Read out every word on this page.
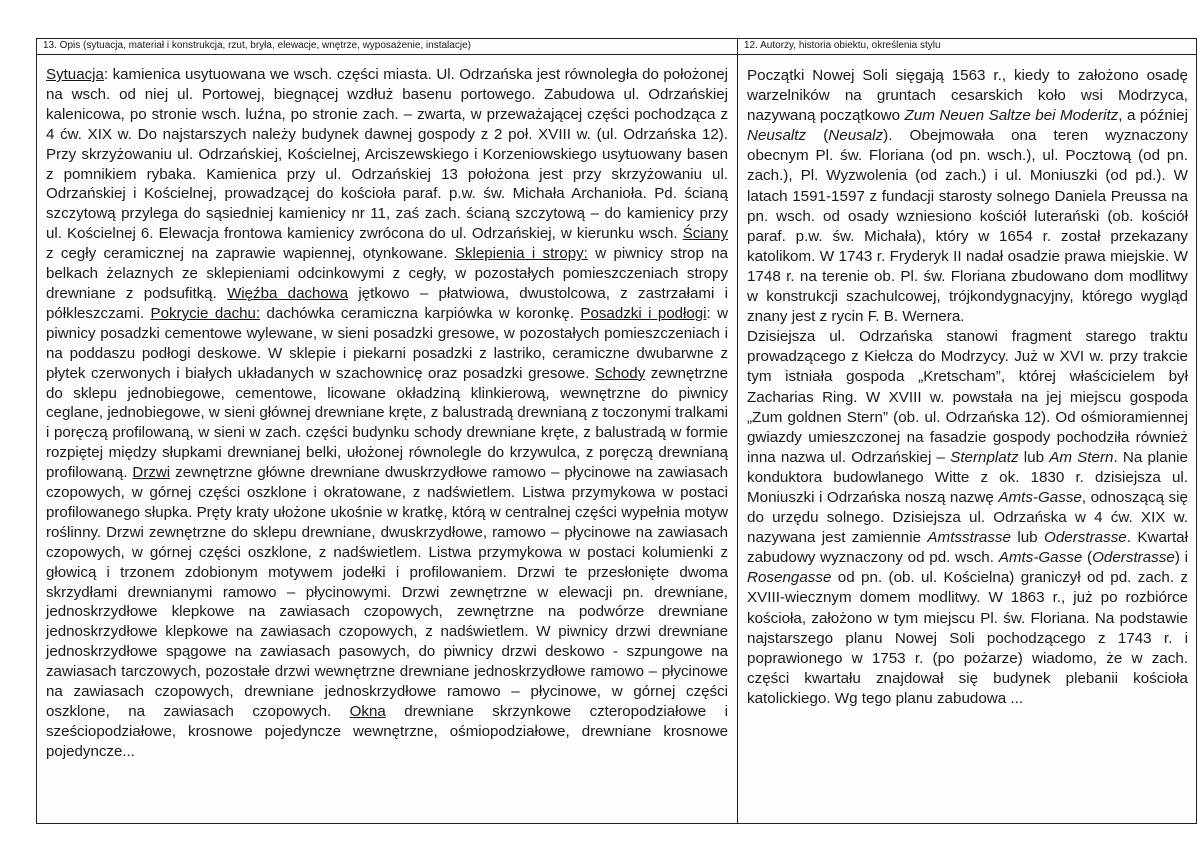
13. Opis (sytuacja, materiał i konstrukcja, rzut, bryła, elewacje, wnętrze, wyposażenie, instalacje)

Sytuacja: kamienica usytuowana we wsch. części miasta. Ul. Odrzańska jest równoległa do położonej na wsch. od niej ul. Portowej, biegnącej wzdłuż basenu portowego. Zabudowa ul. Odrzańskiej kalenicowa, po stronie wsch. luźna, po stronie zach. – zwarta, w przeważającej części pochodząca z 4 ćw. XIX w. Do najstarszych należy budynek dawnej gospody z 2 poł. XVIII w. (ul. Odrzańska 12). Przy skrzyżowaniu ul. Odrzańskiej, Kościelnej, Arciszewskiego i Korzeniowskiego usytuowany basen z pomnikiem rybaka. Kamienica przy ul. Odrzańskiej 13 położona jest przy skrzyżowaniu ul. Odrzańskiej i Kościelnej, prowadzącej do kościoła paraf. p.w. św. Michała Archanioła. Pd. ścianą szczytową przylega do sąsiedniej kamienicy nr 11, zaś zach. ścianą szczytową – do kamienicy przy ul. Kościelnej 6. Elewacja frontowa kamienicy zwrócona do ul. Odrzańskiej, w kierunku wsch. Ściany z cegły ceramicznej na zaprawie wapiennej, otynkowane. Sklepienia i stropy: w piwnicy strop na belkach żelaznych ze sklepieniami odcinkowymi z cegły, w pozostałych pomieszczeniach stropy drewniane z podsufitką. Więźba dachowa jętkowo – płatwiowa, dwustolcowa, z zastrzałami i półkleszczami. Pokrycie dachu: dachówka ceramiczna karpiówka w koronkę. Posadzki i podłogi: w piwnicy posadzki cementowe wylewane, w sieni posadzki gresowe, w pozostałych pomieszczeniach i na poddaszu podłogi deskowe. W sklepie i piekarni posadzki z lastriko, ceramiczne dwubarwne z płytek czerwonych i białych układanych w szachownicę oraz posadzki gresowe. Schody zewnętrzne do sklepu jednobiegowe, cementowe, licowane okładziną klinkierową, wewnętrzne do piwnicy ceglane, jednobiegowe, w sieni głównej drewniane kręte, z balustradą drewnianą z toczonymi tralkami i poręczą profilowaną, w sieni w zach. części budynku schody drewniane kręte, z balustradą w formie rozpiętej między słupkami drewnianej belki, ułożonej równolegle do krzywulca, z poręczą drewnianą profilowaną. Drzwi zewnętrzne główne drewniane dwuskrzydłowe ramowo – płycinowe na zawiasach czopowych, w górnej części oszklone i okratowane, z nadświetlem. Listwa przymykowa w postaci profilowanego słupka. Pręty kraty ułożone ukośnie w kratkę, którą w centralnej części wypełnia motyw roślinny. Drzwi zewnętrzne do sklepu drewniane, dwuskrzydłowe, ramowo – płycinowe na zawiasach czopowych, w górnej części oszklone, z nadświetlem. Listwa przymykowa w postaci kolumienki z głowicą i trzonem zdobionym motywem jodełki i profilowaniem. Drzwi te przesłonięte dwoma skrzydłami drewnianymi ramowo – płycinowymi. Drzwi zewnętrzne w elewacji pn. drewniane, jednoskrzydłowe klepkowe na zawiasach czopowych, zewnętrzne na podwórze drewniane jednoskrzydłowe klepkowe na zawiasach czopowych, z nadświetlem. W piwnicy drzwi drewniane jednoskrzydłowe spągowe na zawiasach pasowych, do piwnicy drzwi deskowo - szpungowe na zawiasach tarczowych, pozostałe drzwi wewnętrzne drewniane jednoskrzydłowe ramowo – płycinowe na zawiasach czopowych, drewniane jednoskrzydłowe ramowo – płycinowe, w górnej części oszklone, na zawiasach czopowych. Okna drewniane skrzynkowe czteropodziałowe i sześciopodziałowe, krosnowe pojedyncze wewnętrzne, ośmiopodziałowe, drewniane krosnowe pojedyncze...

12. Autorzy, historia obiektu, określenia stylu

Początki Nowej Soli sięgają 1563 r., kiedy to założono osadę warzelników na gruntach cesarskich koło wsi Modrzyca, nazywaną początkowo Zum Neuen Saltze bei Moderitz, a później Neusaltz (Neusalz). Obejmowała ona teren wyznaczony obecnym Pl. św. Floriana (od pn. wsch.), ul. Pocztową (od pn. zach.), Pl. Wyzwolenia (od zach.) i ul. Moniuszki (od pd.). W latach 1591-1597 z fundacji starosty solnego Daniela Preussa na pn. wsch. od osady wzniesiono kościół luterański (ob. kościół paraf. p.w. św. Michała), który w 1654 r. został przekazany katolikom. W 1743 r. Fryderyk II nadał osadzie prawa miejskie. W 1748 r. na terenie ob. Pl. św. Floriana zbudowano dom modlitwy w konstrukcji szachulcowej, trójkondygnacyjny, którego wygląd znany jest z rycin F. B. Wernera.

Dzisiejsza ul. Odrzańska stanowi fragment starego traktu prowadzącego z Kiełcza do Modrzycy. Już w XVI w. przy trakcie tym istniała gospoda „Kretscham”, której właścicielem był Zacharias Ring. W XVIII w. powstała na jej miejscu gospoda „Zum goldnen Stern” (ob. ul. Odrzańska 12). Od ośmioramiennej gwiazdy umieszczonej na fasadzie gospody pochodziła również inna nazwa ul. Odrzańskiej – Sternplatz lub Am Stern. Na planie konduktora budowlanego Witte z ok. 1830 r. dzisiejsza ul. Moniuszki i Odrzańska noszą nazwę Amts-Gasse, odnoszącą się do urzędu solnego. Dzisiejsza ul. Odrzańska w 4 ćw. XIX w. nazywana jest zamiennie Amtsstrasse lub Oderstrasse. Kwartał zabudowy wyznaczony od pd. wsch. Amts-Gasse (Oderstrasse) i Rosengasse od pn. (ob. ul. Kościelna) graniczył od pd. zach. z XVIII-wiecznym domem modlitwy. W 1863 r., już po rozbiórce kościoła, założono w tym miejscu Pl. św. Floriana. Na podstawie najstarszego planu Nowej Soli pochodzącego z 1743 r. i poprawionego w 1753 r. (po pożarze) wiadomo, że w zach. części kwartału znajdował się budynek plebanii kościoła katolickiego. Wg tego planu zabudowa ...
